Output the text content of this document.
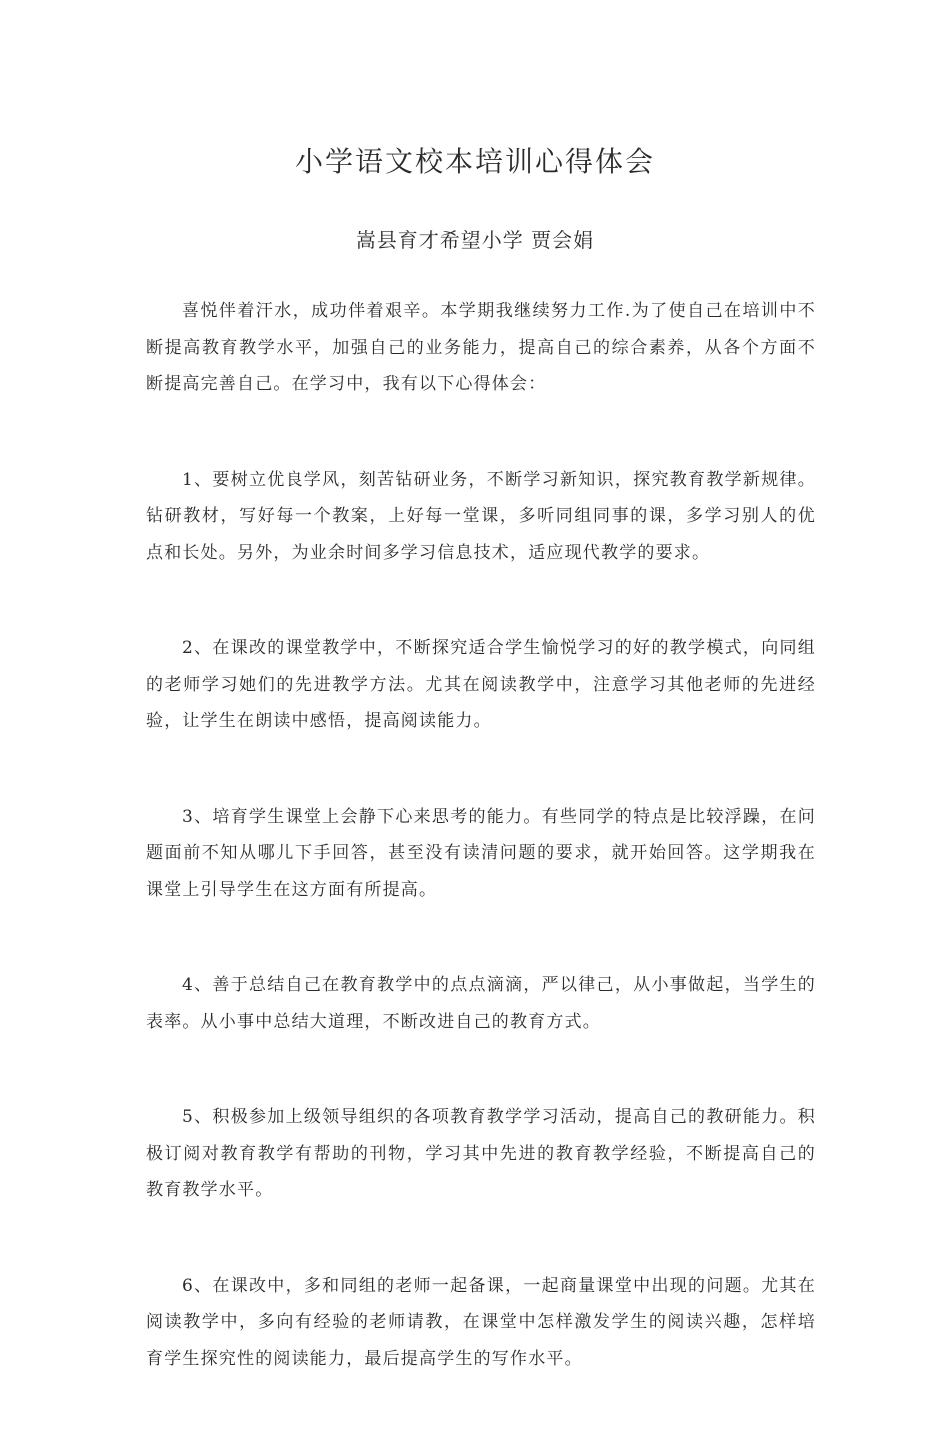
小学语文校本培训心得体会
嵩县育才希望小学 贾会娟

喜悦伴着汗水，成功伴着艰辛。本学期我继续努力工作.为了使自己在培训中不断提高教育教学水平，加强自己的业务能力，提高自己的综合素养，从各个方面不断提高完善自己。在学习中，我有以下心得体会：

1、要树立优良学风，刻苦钻研业务，不断学习新知识，探究教育教学新规律。钻研教材，写好每一个教案，上好每一堂课，多听同组同事的课，多学习别人的优点和长处。另外，为业余时间多学习信息技术，适应现代教学的要求。

2、在课改的课堂教学中，不断探究适合学生愉悦学习的好的教学模式，向同组的老师学习她们的先进教学方法。尤其在阅读教学中，注意学习其他老师的先进经验，让学生在朗读中感悟，提高阅读能力。

3、培育学生课堂上会静下心来思考的能力。有些同学的特点是比较浮躁，在问题面前不知从哪儿下手回答，甚至没有读清问题的要求，就开始回答。这学期我在课堂上引导学生在这方面有所提高。

4、善于总结自己在教育教学中的点点滴滴，严以律己，从小事做起，当学生的表率。从小事中总结大道理，不断改进自己的教育方式。

5、积极参加上级领导组织的各项教育教学学习活动，提高自己的教研能力。积极订阅对教育教学有帮助的刊物，学习其中先进的教育教学经验，不断提高自己的教育教学水平。

6、在课改中，多和同组的老师一起备课，一起商量课堂中出现的问题。尤其在阅读教学中，多向有经验的老师请教，在课堂中怎样激发学生的阅读兴趣，怎样培育学生探究性的阅读能力，最后提高学生的写作水平。
